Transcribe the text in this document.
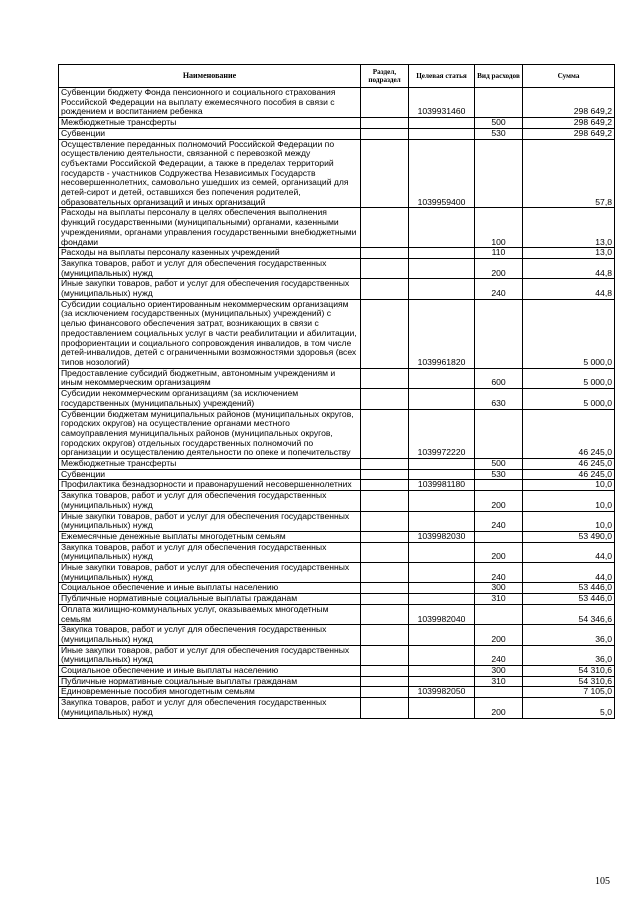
Наименование	Раздел, подраздел	Целевая статья	Вид расходов	Сумма
Субвенции бюджету Фонда пенсионного и социального страхования Российской Федерации на выплату ежемесячного пособия в связи с рождением и воспитанием ребенка		1039931460		298 649,2
Межбюджетные трансферты			500	298 649,2
Субвенции			530	298 649,2
Осуществление переданных полномочий Российской Федерации по осуществлению деятельности, связанной с перевозкой между субъектами Российской Федерации, а также в пределах территорий государств - участников Содружества Независимых Государств несовершеннолетних, самовольно ушедших из семей, организаций для детей-сирот и детей, оставшихся без попечения родителей, образовательных организаций и иных организаций		1039959400		57,8
Расходы на выплаты персоналу в целях обеспечения выполнения функций государственными (муниципальными) органами, казенными учреждениями, органами управления государственными внебюджетными фондами			100	13,0
Расходы на выплаты персоналу казенных учреждений			110	13,0
Закупка товаров, работ и услуг для обеспечения государственных (муниципальных) нужд			200	44,8
Иные закупки товаров, работ и услуг для обеспечения государственных (муниципальных) нужд			240	44,8
Субсидии социально ориентированным некоммерческим организациям (за исключением государственных (муниципальных) учреждений) с целью финансового обеспечения затрат, возникающих в связи с предоставлением социальных услуг в части реабилитации и абилитации, профориентации и социального сопровождения инвалидов, в том числе детей-инвалидов, детей с ограниченными возможностями здоровья (всех типов нозологий)		1039961820		5 000,0
Предоставление субсидий бюджетным, автономным учреждениям и иным некоммерческим организациям			600	5 000,0
Субсидии некоммерческим организациям (за исключением государственных (муниципальных) учреждений)			630	5 000,0
Субвенции бюджетам муниципальных районов (муниципальных округов, городских округов) на осуществление органами местного самоуправления муниципальных районов (муниципальных округов, городских округов) отдельных государственных полномочий по организации и осуществлению деятельности по опеке и попечительству		1039972220		46 245,0
Межбюджетные трансферты			500	46 245,0
Субвенции			530	46 245,0
Профилактика безнадзорности и правонарушений несовершеннолетних		1039981180		10,0
Закупка товаров, работ и услуг для обеспечения государственных (муниципальных) нужд			200	10,0
Иные закупки товаров, работ и услуг для обеспечения государственных (муниципальных) нужд			240	10,0
Ежемесячные денежные выплаты многодетным семьям		1039982030		53 490,0
Закупка товаров, работ и услуг для обеспечения государственных (муниципальных) нужд			200	44,0
Иные закупки товаров, работ и услуг для обеспечения государственных (муниципальных) нужд			240	44,0
Социальное обеспечение и иные выплаты населению			300	53 446,0
Публичные нормативные социальные выплаты гражданам			310	53 446,0
Оплата жилищно-коммунальных услуг, оказываемых многодетным семьям		1039982040		54 346,6
Закупка товаров, работ и услуг для обеспечения государственных (муниципальных) нужд			200	36,0
Иные закупки товаров, работ и услуг для обеспечения государственных (муниципальных) нужд			240	36,0
Социальное обеспечение и иные выплаты населению			300	54 310,6
Публичные нормативные социальные выплаты гражданам			310	54 310,6
Единовременные пособия многодетным семьям		1039982050		7 105,0
Закупка товаров, работ и услуг для обеспечения государственных (муниципальных) нужд			200	5,0
105
